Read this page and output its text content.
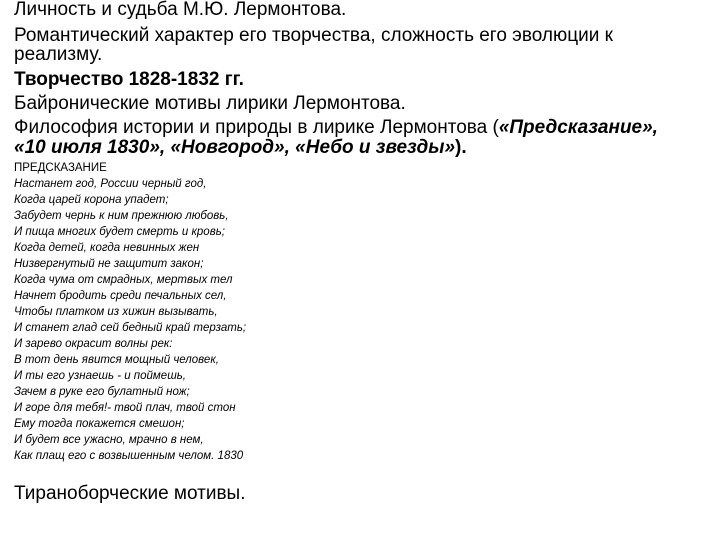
Личность и судьба М.Ю. Лермонтова.
Романтический характер его творчества, сложность его эволюции к
реализму.
Творчество 1828-1832 гг.
Байронические мотивы лирики Лермонтова.
Философия истории и природы в лирике Лермонтова («Предсказание»,
«10 июля 1830», «Новгород», «Небо и звезды»).
ПРЕДСКАЗАНИЕ
Настанет год, России черный год,
Когда царей корона упадет;
Забудет чернь к ним прежнюю любовь,
И пища многих будет смерть и кровь;
Когда детей, когда невинных жен
Низвергнутый не защитит закон;
Когда чума от смрадных, мертвых тел
Начнет бродить среди печальных сел,
Чтобы платком из хижин вызывать,
И станет глад сей бедный край терзать;
И зарево окрасит волны рек:
В тот день явится мощный человек,
И ты его узнаешь - и поймешь,
Зачем в руке его булатный нож;
И горе для тебя!- твой плач, твой стон
Ему тогда покажется смешон;
И будет все ужасно, мрачно в нем,
Как плащ его с возвышенным челом. 1830
Тираноборческие мотивы.
